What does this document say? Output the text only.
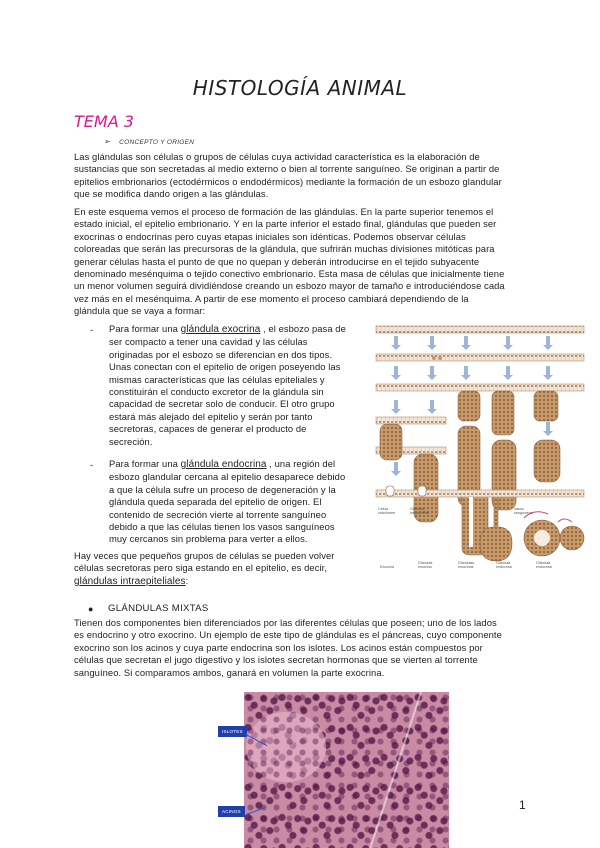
HISTOLOGÍA ANIMAL
TEMA 3
➢ CONCEPTO Y ORIGEN

Las glándulas son células o grupos de células cuya actividad característica es la elaboración de
sustancias que son secretadas al medio externo o bien al torrente sanguíneo. Se originan a partir de
epitelios embrionarios (ectodérmicos o endodérmicos) mediante la formación de un esbozo glandular
que se modifica dando origen a las glándulas.

En este esquema vemos el proceso de formación de las glándulas. En la parte superior tenemos el
estado inicial, el epitelio embrionario. Y en la parte inferior el estado final, glándulas que pueden ser
exocrinas o endocrinas pero cuyas etapas iniciales son idénticas. Podemos observar células
coloreadas que serán las precursoras de la glándula, que sufrirán muchas divisiones mitóticas para
generar células hasta el punto de que no quepan y deberán introducirse en el tejido subyacente
denominado mesénquima o tejido conectivo embrionario. Esta masa de células que inicialmente tiene
un menor volumen seguirá dividiéndose creando un esbozo mayor de tamaño e introduciéndose cada
vez más en el mesénquima. A partir de ese momento el proceso cambiará dependiendo de la
glándula que se vaya a formar:

- Para formar una glándula exocrina , el esbozo pasa de
ser compacto a tener una cavidad y las células
originadas por el esbozo se diferencian en dos tipos.
Unas conectan con el epitelio de origen poseyendo las
mismas características que las células epiteliales y
constituirán el conducto excretor de la glándula sin
capacidad de secretar solo de conducir. El otro grupo
estará más alejado del epitelio y serán por tanto
secretoras, capaces de generar el producto de
secreción.

- Para formar una glándula endocrina , una región del
esbozo glandular cercana al epitelio desaparece debido
a que la célula sufre un proceso de degeneración y la
glándula queda separada del epitelio de origen. El
contenido de secreción vierte al torrente sanguíneo
debido a que las células tienen los vasos sanguíneos
muy cercanos sin problema para verter a ellos.

Hay veces que pequeños grupos de células se pueden volver
células secretoras pero siga estando en el epitelio, es decir,
glándulas intraepiteliales:

● GLÁNDULAS MIXTAS

Tienen dos componentes bien diferenciados por las diferentes células que poseen; uno de los lados
es endocrino y otro exocrino. Un ejemplo de este tipo de glándulas es el páncreas, cuyo componente
exocrino son los acinos y cuya parte endocrina son los islotes. Los acinos están compuestos por
células que secretan el jugo digestivo y los islotes secretan hormonas que se vierten al torrente
sanguíneo. Si comparamos ambos, ganará en volumen la parte exocrina.

Célula caliciforme
Glándula intraepitelial
Vasos sanguíneos
Exocrina
Glándula exocrina
Glándulas exocrinas
Glándula endocrina
Glándula endocrina
ISLOTES
ACINOS	1
